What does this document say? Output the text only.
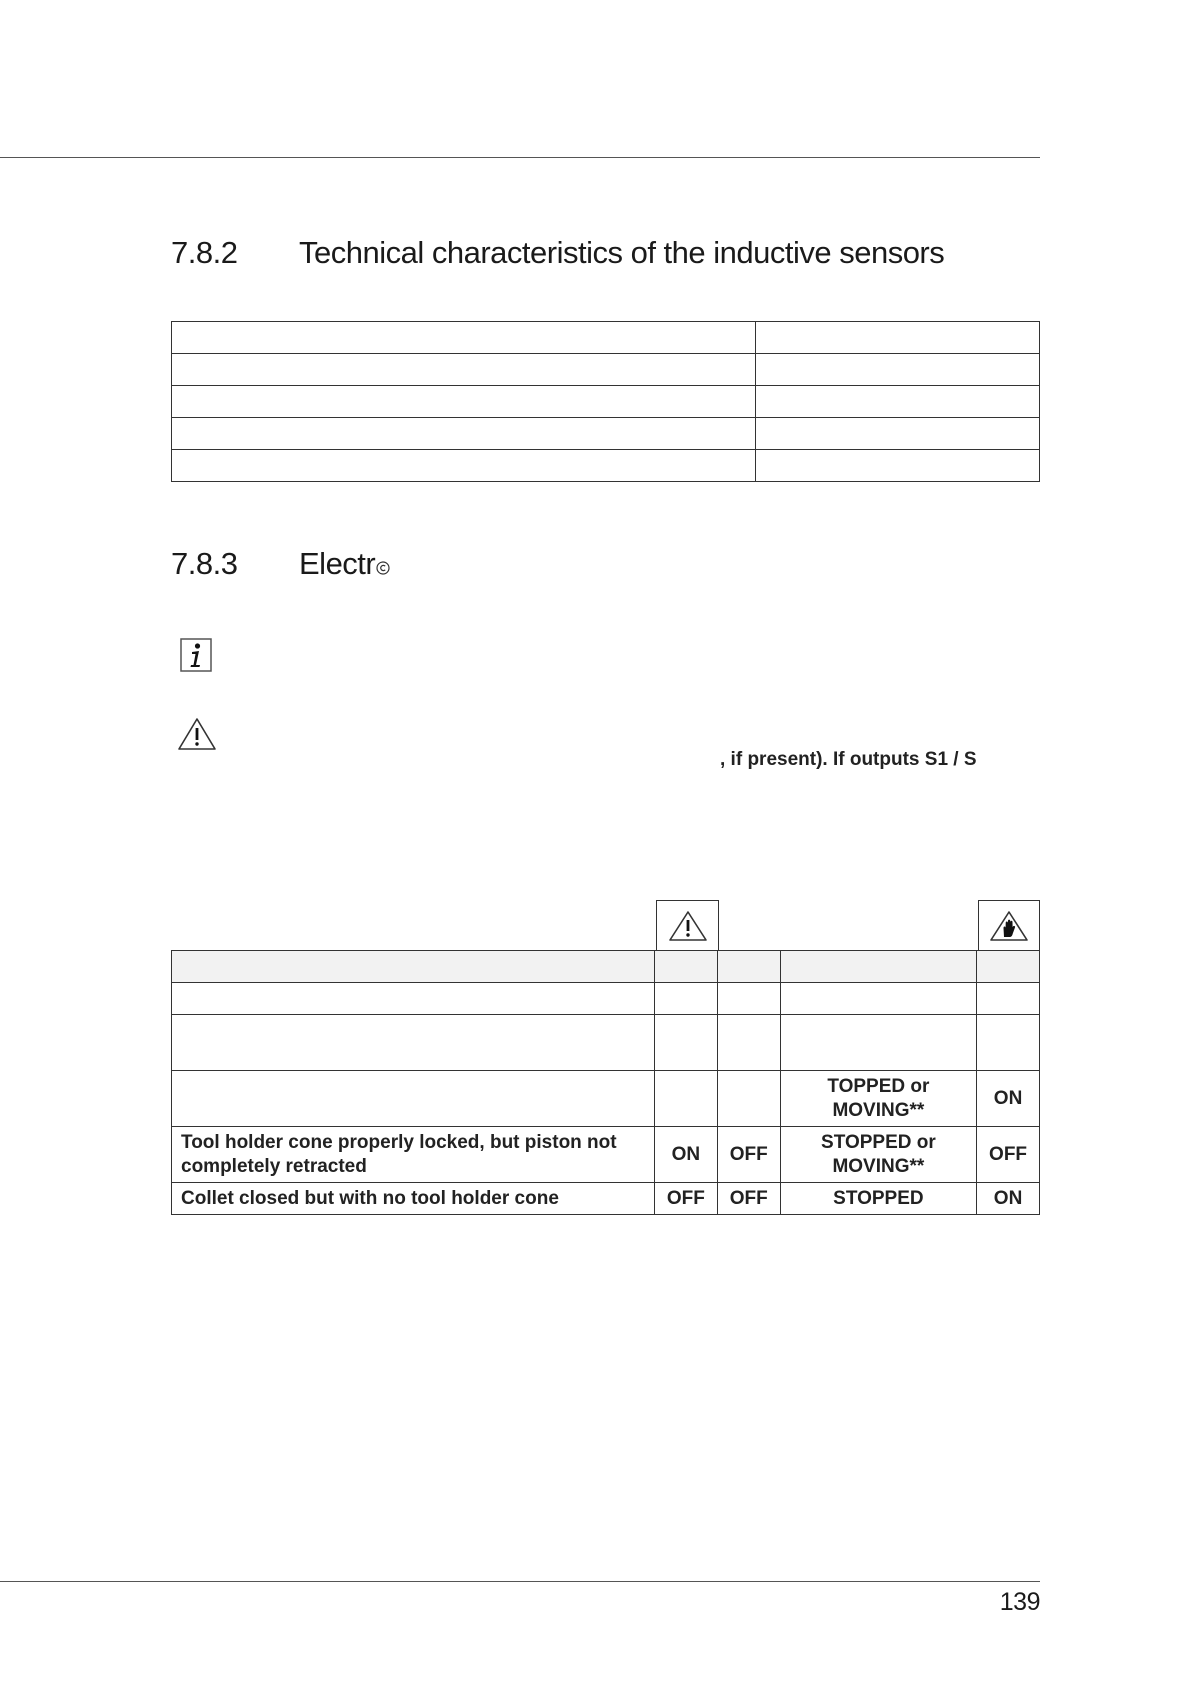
7.8.2 Technical characteristics of the inductive sensors

7.8.3 Electr
, if present). If outputs S1 / S

			TOPPED or MOVING**	ON
Tool holder cone properly locked, but piston not completely retracted	ON	OFF	STOPPED or MOVING**	OFF
Collet closed but with no tool holder cone	OFF	OFF	STOPPED	ON
139
